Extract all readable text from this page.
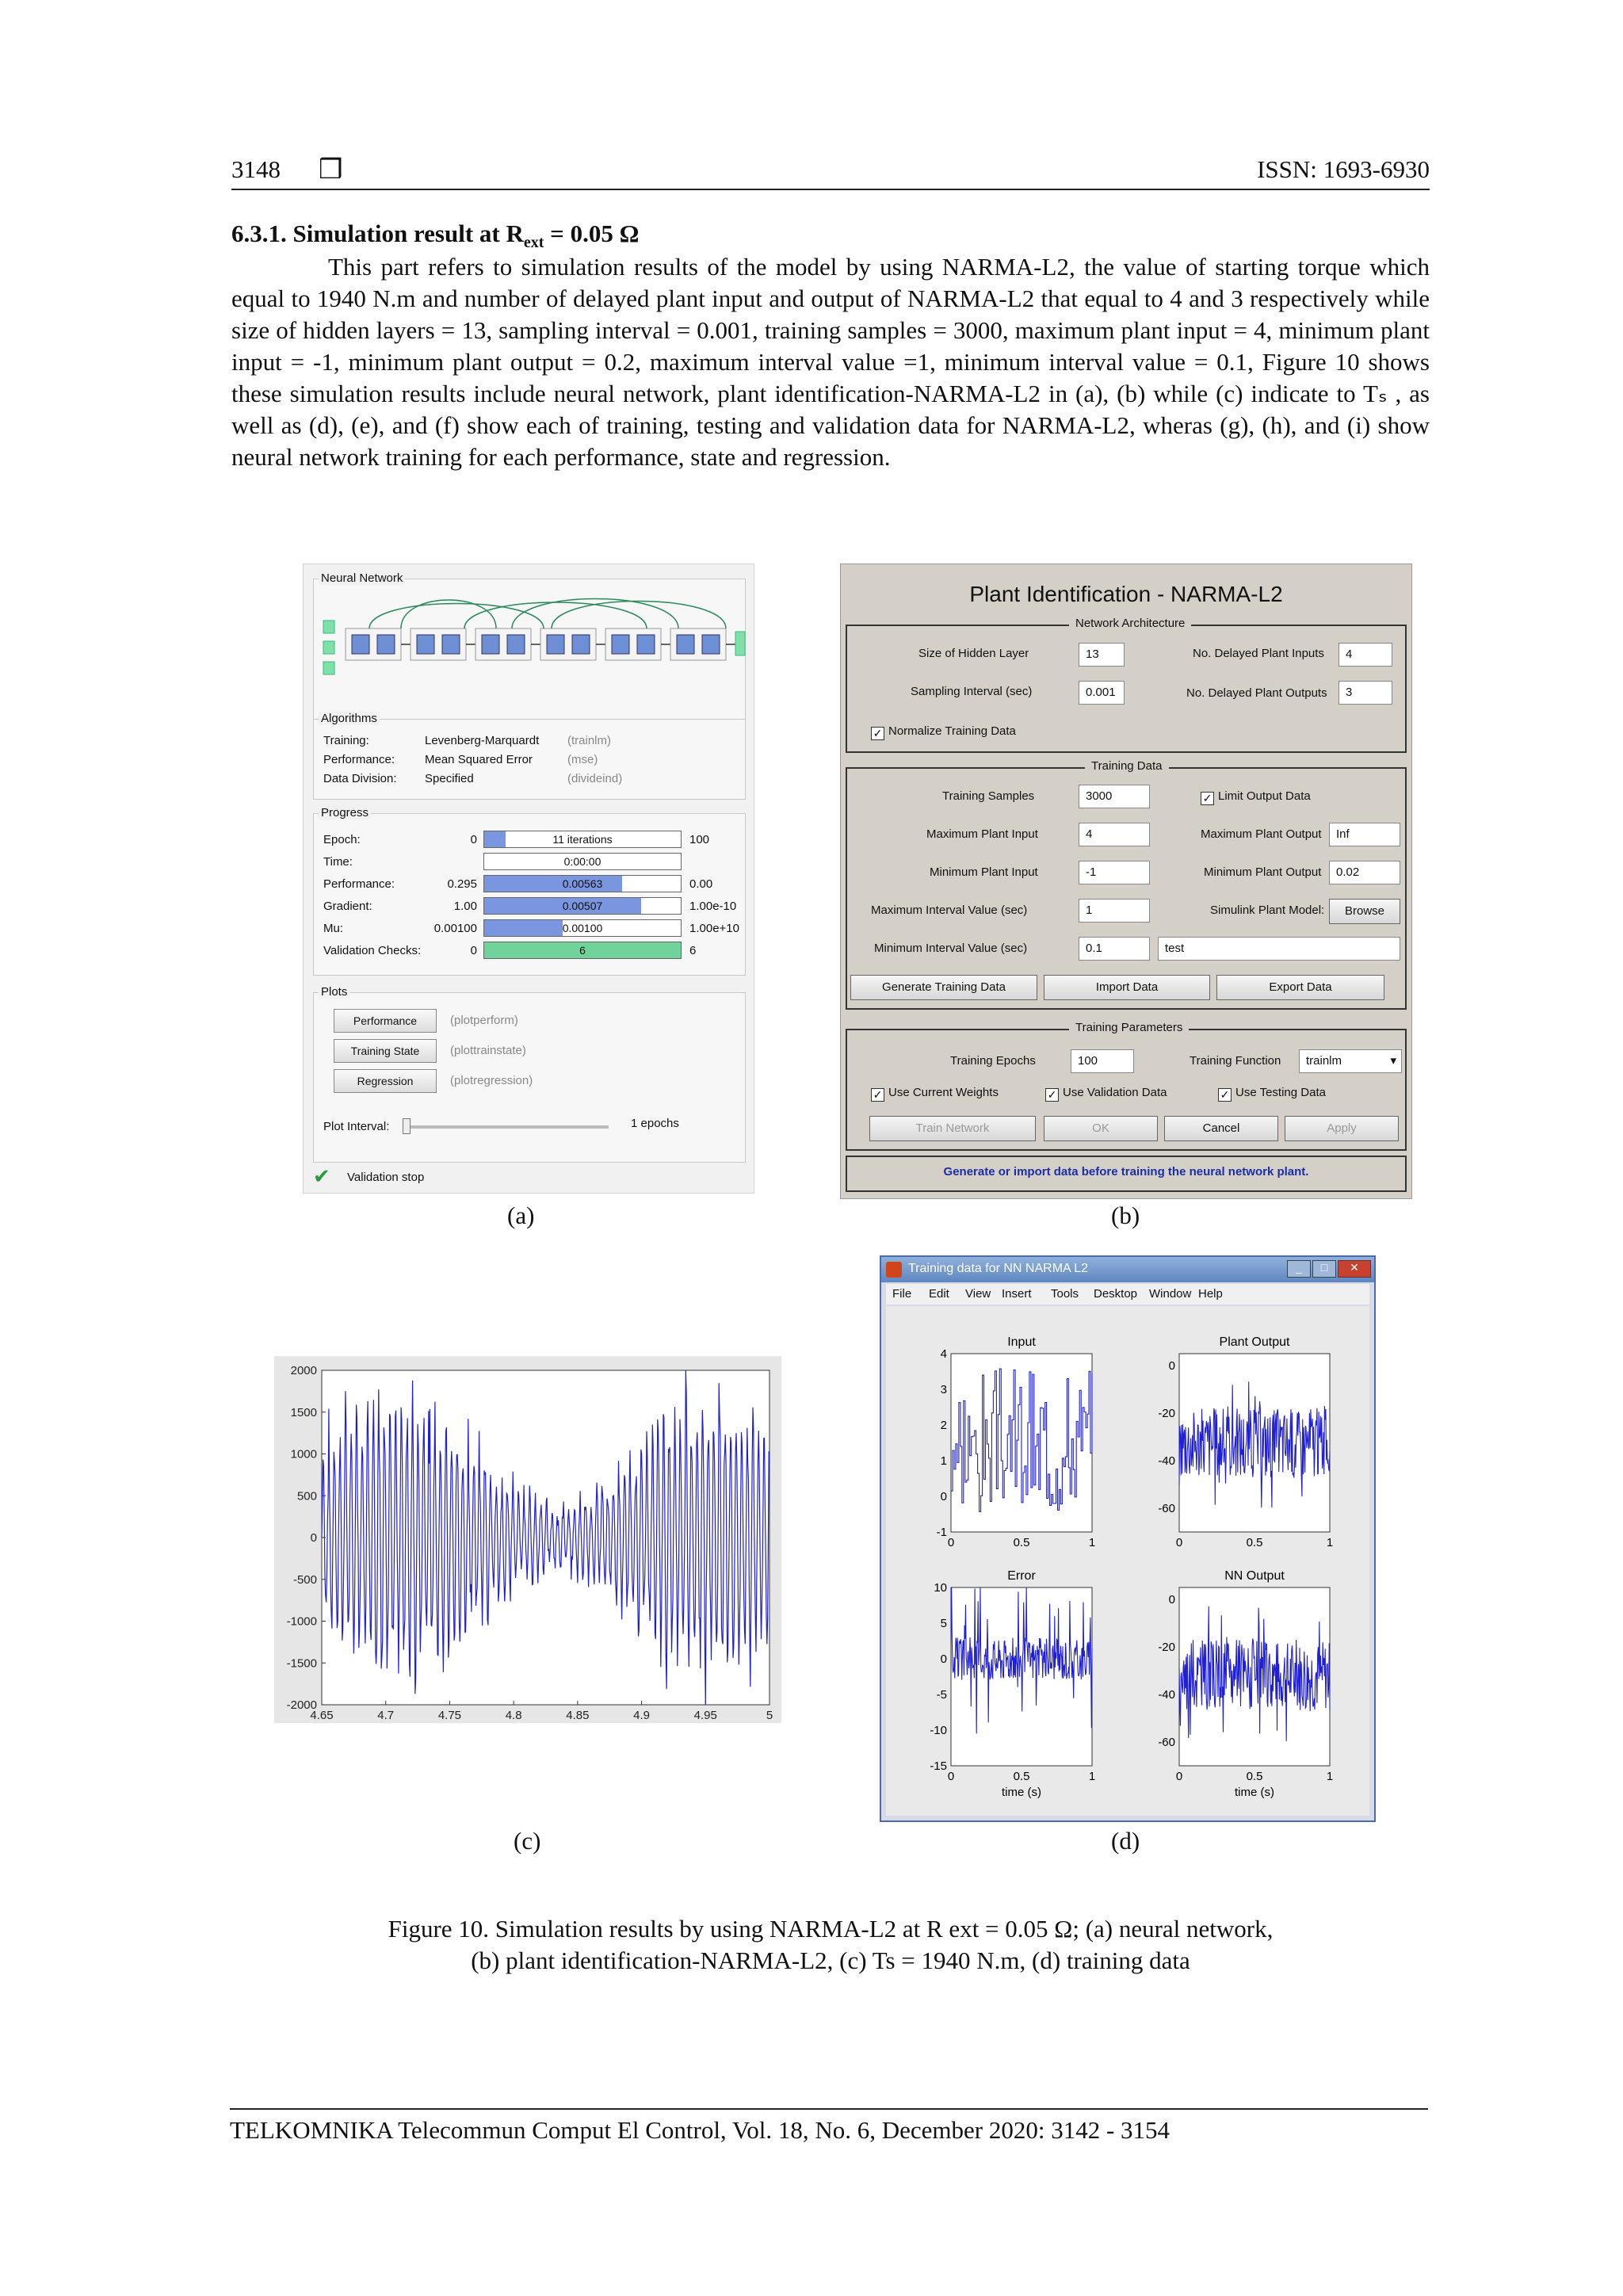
3148 ❒	ISSN: 1693-6930
6.3.1. Simulation result at $R_{ext} = 0.05$ Ω

This part refers to simulation results of the model by using NARMA-L2, the value of starting torque which equal to 1940 N.m and number of delayed plant input and output of NARMA-L2 that equal to 4 and 3 respectively while size of hidden layers = 13, sampling interval = 0.001, training samples = 3000, maximum plant input = 4, minimum plant input = -1, minimum plant output = 0.2, maximum interval value =1, minimum interval value = 0.1, Figure 10 shows these simulation results include neural network, plant identification-NARMA-L2 in (a), (b) while (c) indicate to Tₛ , as well as (d), (e), and (f) show each of training, testing and validation data for NARMA-L2, wheras (g), (h), and (i) show neural network training for each performance, state and regression.

Neural Network
Algorithms
Training:	Levenberg-Marquardt (trainlm)
Performance:	Mean Squared Error	(mse)
Data Division: Specified	(divideind)
Progress
Epoch:	0	11 iterations	100
Time:	0:00:00
Performance:	0.295	0.00563	0.00
Gradient:	1.00	0.00507	1.00e-10
Mu:	0.00100	0.00100	1.00e+10
Validation Checks:	0	6	6
Plots
Performance	(plotperform)
Training State	(plottrainstate)
Regression	(plotregression)
Plot Interval:	1 epochs
✔ Validation stop
Plant Identification - NARMA-L2
Network Architecture
Size of Hidden Layer	13	No. Delayed Plant Inputs	4
Sampling Interval (sec)	0.001	No. Delayed Plant Outputs	3
✓ Normalize Training Data
Training Data
Training Samples	3000	✓ Limit Output Data
Maximum Plant Input	4	Maximum Plant Output	Inf
Minimum Plant Input	-1	Minimum Plant Output	0.02
Maximum Interval Value (sec)	1	Simulink Plant Model:	Browse
Minimum Interval Value (sec)	0.1	test
Generate Training Data	Import Data	Export Data
Training Parameters
Training Epochs	100	Training Function	trainlm	▾
✓ Use Current Weights	✓ Use Validation Data	✓ Use Testing Data
Train Network	OK	Cancel	Apply
Generate or import data before training the neural network plant.
2000
1500
1000
500
0
-500
-1000
-1500
-2000
4.65	4.7	4.75	4.8	4.85	4.9	4.95	5
Training data for NN NARMA L2	_	□	✕
File Edit View Insert Tools Desktop Window Help
Input
4
3
2
1
0
-1
0	0.5	1
Plant Output
0
-20
-40
-60
0	0.5	1
Error
10
5
0
-5
-10
-15
0	0.5	1
time (s)
NN Output
0
-20
-40
-60
0	0.5	1
time (s)
(a)	(b)
(c)	(d)
Figure 10. Simulation results by using NARMA-L2 at R ext = 0.05 Ω; (a) neural network,
(b) plant identification-NARMA-L2, (c) Ts = 1940 N.m, (d) training data
TELKOMNIKA Telecommun Comput El Control, Vol. 18, No. 6, December 2020: 3142 - 3154
